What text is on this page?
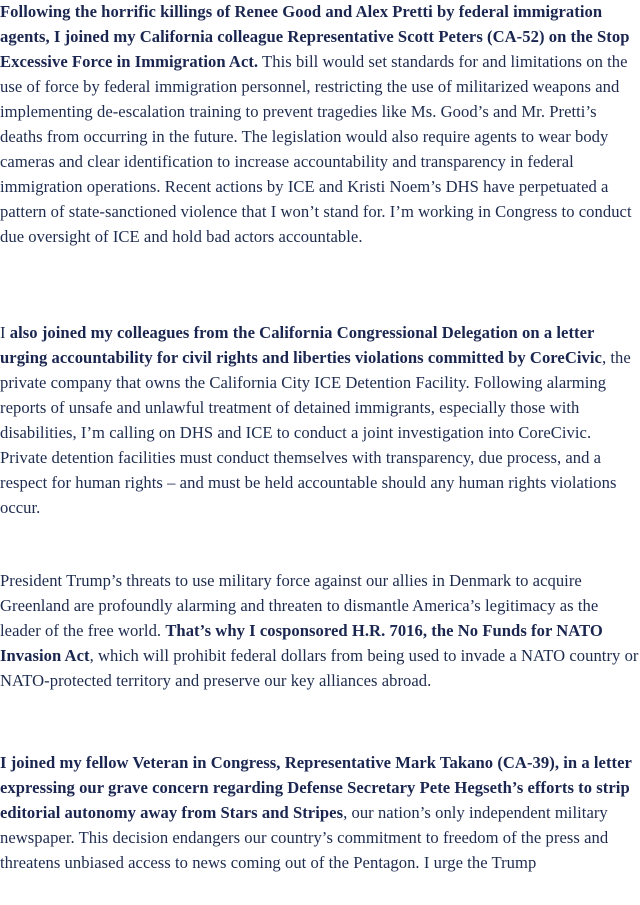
Following the horrific killings of Renee Good and Alex Pretti by federal immigration agents, I joined my California colleague Representative Scott Peters (CA-52) on the Stop Excessive Force in Immigration Act. This bill would set standards for and limitations on the use of force by federal immigration personnel, restricting the use of militarized weapons and implementing de-escalation training to prevent tragedies like Ms. Good’s and Mr. Pretti’s deaths from occurring in the future. The legislation would also require agents to wear body cameras and clear identification to increase accountability and transparency in federal immigration operations. Recent actions by ICE and Kristi Noem’s DHS have perpetuated a pattern of state-sanctioned violence that I won’t stand for. I’m working in Congress to conduct due oversight of ICE and hold bad actors accountable.

I also joined my colleagues from the California Congressional Delegation on a letter urging accountability for civil rights and liberties violations committed by CoreCivic, the private company that owns the California City ICE Detention Facility. Following alarming reports of unsafe and unlawful treatment of detained immigrants, especially those with disabilities, I’m calling on DHS and ICE to conduct a joint investigation into CoreCivic. Private detention facilities must conduct themselves with transparency, due process, and a respect for human rights – and must be held accountable should any human rights violations occur.

President Trump’s threats to use military force against our allies in Denmark to acquire Greenland are profoundly alarming and threaten to dismantle America’s legitimacy as the leader of the free world. That’s why I cosponsored H.R. 7016, the No Funds for NATO Invasion Act, which will prohibit federal dollars from being used to invade a NATO country or NATO-protected territory and preserve our key alliances abroad.

I joined my fellow Veteran in Congress, Representative Mark Takano (CA-39), in a letter expressing our grave concern regarding Defense Secretary Pete Hegseth’s efforts to strip editorial autonomy away from Stars and Stripes, our nation’s only independent military newspaper. This decision endangers our country’s commitment to freedom of the press and threatens unbiased access to news coming out of the Pentagon. I urge the Trump
